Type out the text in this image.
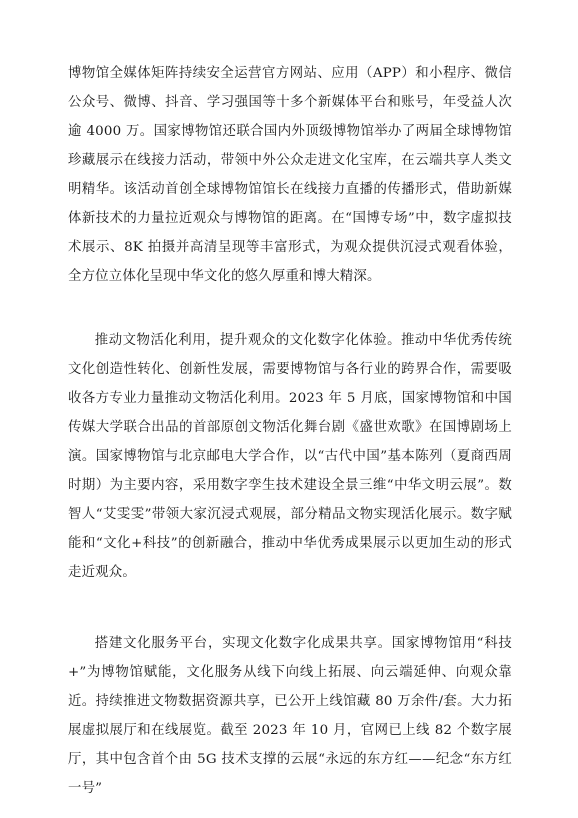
博物馆全媒体矩阵持续安全运营官方网站、应用（APP）和小程序、微信公众号、微博、抖音、学习强国等十多个新媒体平台和账号，年受益人次逾 4000 万。国家博物馆还联合国内外顶级博物馆举办了两届全球博物馆珍藏展示在线接力活动，带领中外公众走进文化宝库，在云端共享人类文明精华。该活动首创全球博物馆馆长在线接力直播的传播形式，借助新媒体新技术的力量拉近观众与博物馆的距离。在“国博专场”中，数字虚拟技术展示、8K 拍摄并高清呈现等丰富形式，为观众提供沉浸式观看体验，全方位立体化呈现中华文化的悠久厚重和博大精深。

推动文物活化利用，提升观众的文化数字化体验。推动中华优秀传统文化创造性转化、创新性发展，需要博物馆与各行业的跨界合作，需要吸收各方专业力量推动文物活化利用。2023 年 5 月底，国家博物馆和中国传媒大学联合出品的首部原创文物活化舞台剧《盛世欢歌》在国博剧场上演。国家博物馆与北京邮电大学合作，以“古代中国”基本陈列（夏商西周时期）为主要内容，采用数字孪生技术建设全景三维“中华文明云展”。数智人“艾雯雯”带领大家沉浸式观展，部分精品文物实现活化展示。数字赋能和“文化+科技”的创新融合，推动中华优秀成果展示以更加生动的形式走近观众。

搭建文化服务平台，实现文化数字化成果共享。国家博物馆用“科技+”为博物馆赋能，文化服务从线下向线上拓展、向云端延伸、向观众靠近。持续推进文物数据资源共享，已公开上线馆藏 80 万余件/套。大力拓展虚拟展厅和在线展览。截至 2023 年 10 月，官网已上线 82 个数字展厅，其中包含首个由 5G 技术支撑的云展“永远的东方红——纪念“东方红一号”
